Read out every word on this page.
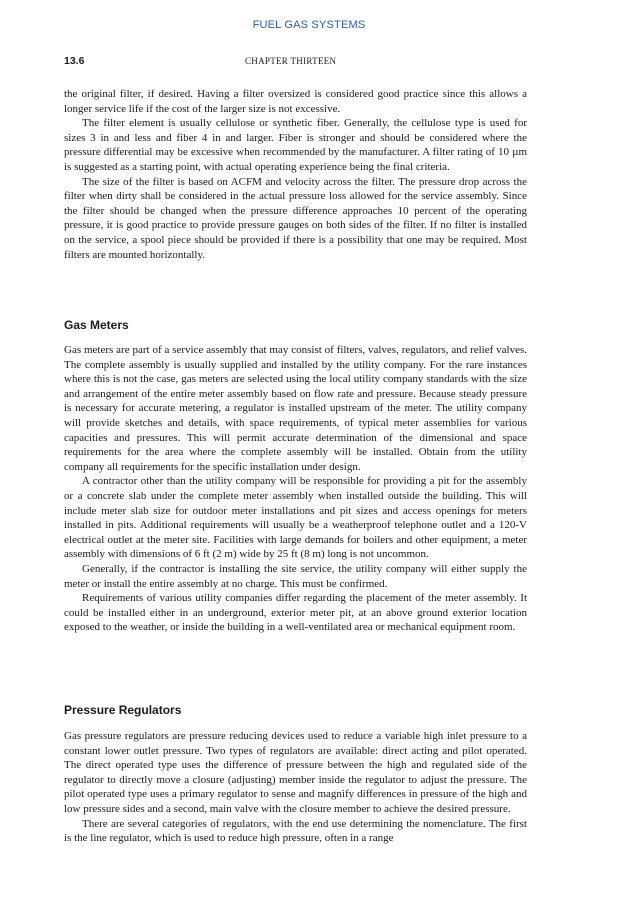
FUEL GAS SYSTEMS
13.6	CHAPTER THIRTEEN

the original filter, if desired. Having a filter oversized is considered good practice since this allows a longer service life if the cost of the larger size is not excessive.

The filter element is usually cellulose or synthetic fiber. Generally, the cellulose type is used for sizes 3 in and less and fiber 4 in and larger. Fiber is stronger and should be considered where the pressure differential may be excessive when recommended by the manufacturer. A filter rating of 10 µm is suggested as a starting point, with actual operating experience being the final criteria.

The size of the filter is based on ACFM and velocity across the filter. The pressure drop across the filter when dirty shall be considered in the actual pressure loss allowed for the service assembly. Since the filter should be changed when the pressure difference approaches 10 percent of the operating pressure, it is good practice to provide pressure gauges on both sides of the filter. If no filter is installed on the service, a spool piece should be provided if there is a possibility that one may be required. Most filters are mounted horizontally.

Gas Meters

Gas meters are part of a service assembly that may consist of filters, valves, regulators, and relief valves. The complete assembly is usually supplied and installed by the utility company. For the rare instances where this is not the case, gas meters are selected using the local utility company standards with the size and arrangement of the entire meter assembly based on flow rate and pressure. Because steady pressure is necessary for accurate metering, a regulator is installed upstream of the meter. The utility company will provide sketches and details, with space requirements, of typical meter assemblies for various capacities and pressures. This will permit accurate determination of the dimensional and space requirements for the area where the complete assembly will be installed. Obtain from the utility company all requirements for the specific installation under design.

A contractor other than the utility company will be responsible for providing a pit for the assembly or a concrete slab under the complete meter assembly when installed outside the building. This will include meter slab size for outdoor meter installations and pit sizes and access openings for meters installed in pits. Additional requirements will usually be a weatherproof telephone outlet and a 120-V electrical outlet at the meter site. Facilities with large demands for boilers and other equipment, a meter assembly with dimensions of 6 ft (2 m) wide by 25 ft (8 m) long is not uncommon.

Generally, if the contractor is installing the site service, the utility company will either supply the meter or install the entire assembly at no charge. This must be confirmed.

Requirements of various utility companies differ regarding the placement of the meter assembly. It could be installed either in an underground, exterior meter pit, at an above ground exterior location exposed to the weather, or inside the building in a well-ventilated area or mechanical equipment room.

Pressure Regulators

Gas pressure regulators are pressure reducing devices used to reduce a variable high inlet pressure to a constant lower outlet pressure. Two types of regulators are available: direct acting and pilot operated. The direct operated type uses the difference of pressure between the high and regulated side of the regulator to directly move a closure (adjusting) member inside the regulator to adjust the pressure. The pilot operated type uses a primary regulator to sense and magnify differences in pressure of the high and low pressure sides and a second, main valve with the closure member to achieve the desired pressure.

There are several categories of regulators, with the end use determining the nomenclature. The first is the line regulator, which is used to reduce high pressure, often in a range
